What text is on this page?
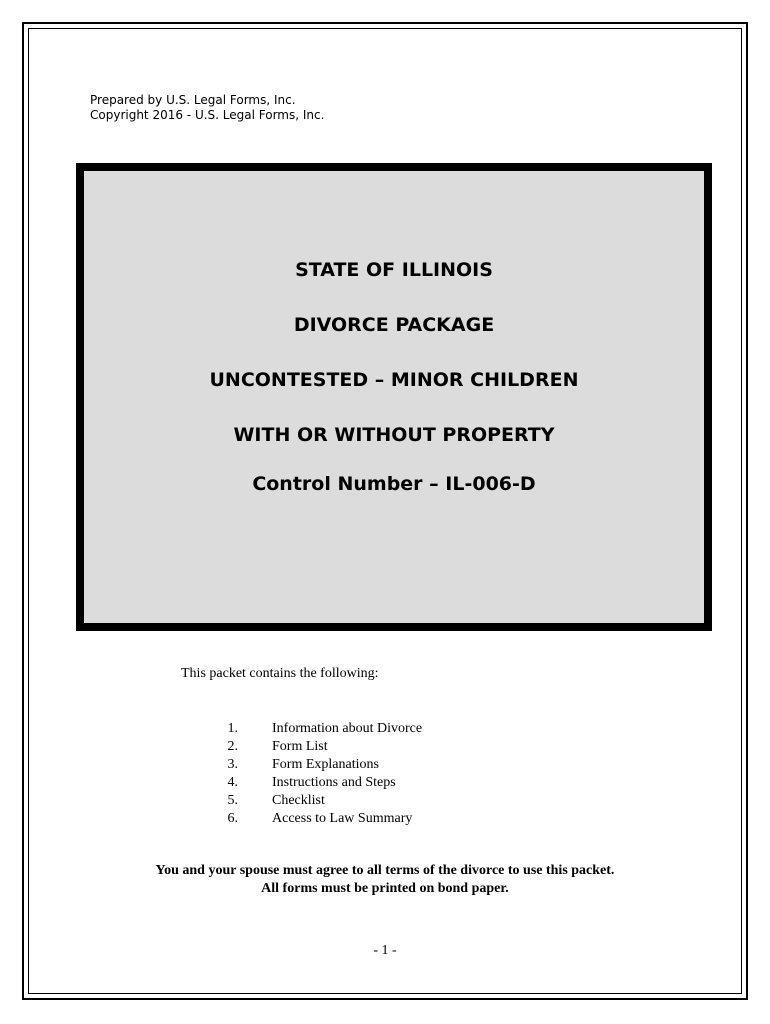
Prepared by U.S. Legal Forms, Inc.
Copyright 2016 - U.S. Legal Forms, Inc.
STATE OF ILLINOIS
DIVORCE PACKAGE
UNCONTESTED – MINOR CHILDREN
WITH OR WITHOUT PROPERTY
Control Number – IL-006-D
This packet contains the following:
1. Information about Divorce
2. Form List
3. Form Explanations
4. Instructions and Steps
5. Checklist
6. Access to Law Summary
You and your spouse must agree to all terms of the divorce to use this packet.
All forms must be printed on bond paper.
- 1 -
